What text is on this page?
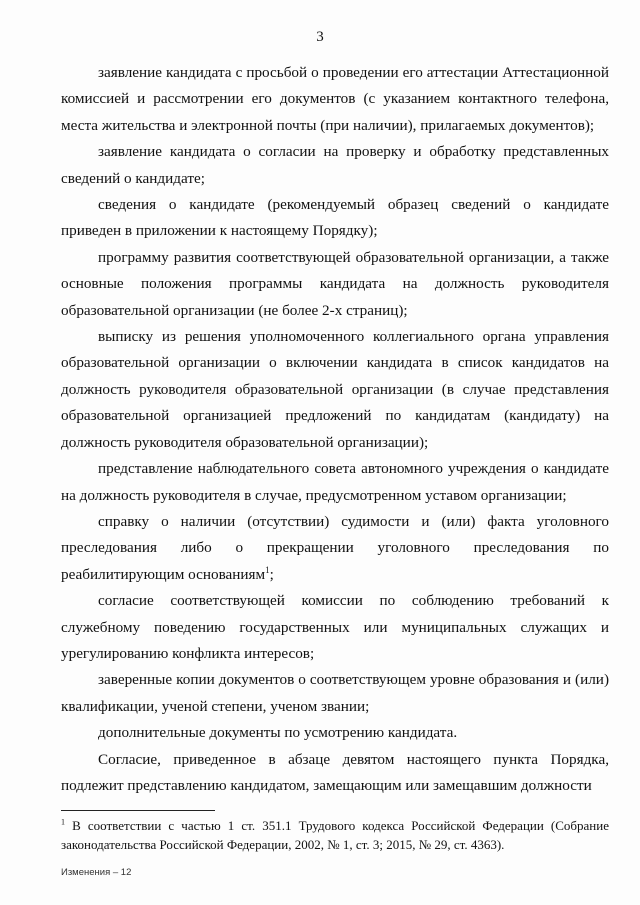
3

заявление кандидата с просьбой о проведении его аттестации Аттестационной комиссией и рассмотрении его документов (с указанием контактного телефона, места жительства и электронной почты (при наличии), прилагаемых документов);

заявление кандидата о согласии на проверку и обработку представленных сведений о кандидате;

сведения о кандидате (рекомендуемый образец сведений о кандидате приведен в приложении к настоящему Порядку);

программу развития соответствующей образовательной организации, а также основные положения программы кандидата на должность руководителя образовательной организации (не более 2-х страниц);

выписку из решения уполномоченного коллегиального органа управления образовательной организации о включении кандидата в список кандидатов на должность руководителя образовательной организации (в случае представления образовательной организацией предложений по кандидатам (кандидату) на должность руководителя образовательной организации);

представление наблюдательного совета автономного учреждения о кандидате на должность руководителя в случае, предусмотренном уставом организации;

справку о наличии (отсутствии) судимости и (или) факта уголовного преследования либо о прекращении уголовного преследования по реабилитирующим основаниям$^1$;

согласие соответствующей комиссии по соблюдению требований к служебному поведению государственных или муниципальных служащих и урегулированию конфликта интересов;

заверенные копии документов о соответствующем уровне образования и (или) квалификации, ученой степени, ученом звании;

дополнительные документы по усмотрению кандидата.

Согласие, приведенное в абзаце девятом настоящего пункта Порядка, подлежит представлению кандидатом, замещающим или замещавшим должности

$^1$ В соответствии с частью 1 ст. 351.1 Трудового кодекса Российской Федерации (Собрание законодательства Российской Федерации, 2002, № 1, ст. 3; 2015, № 29, ст. 4363).
Изменения – 12
